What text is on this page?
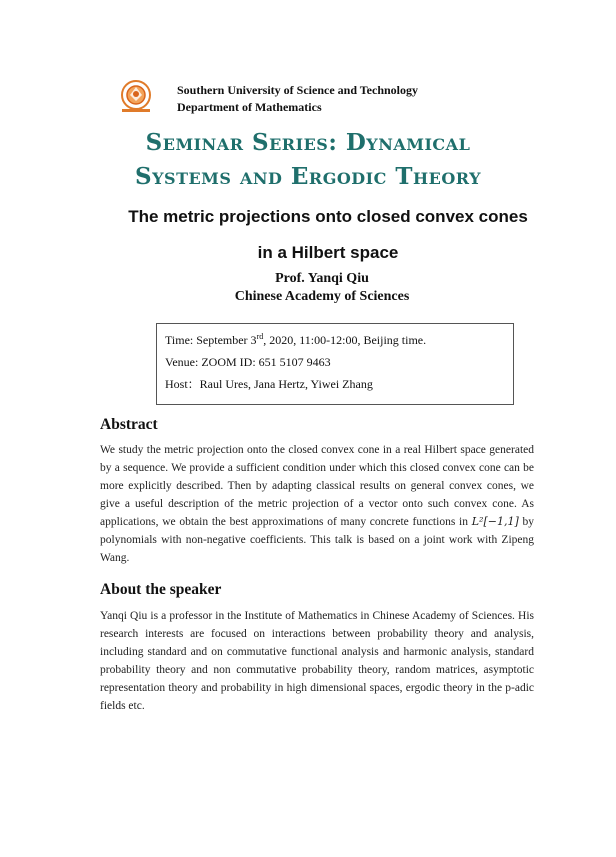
Southern University of Science and Technology
Department of Mathematics
Seminar Series: Dynamical
Systems and Ergodic Theory
The metric projections onto closed convex cones
in a Hilbert space
Prof. Yanqi Qiu
Chinese Academy of Sciences
Time: September 3rd, 2020, 11:00-12:00, Beijing time.
Venue: ZOOM ID: 651 5107 9463
Host：Raul Ures, Jana Hertz, Yiwei Zhang
Abstract
We study the metric projection onto the closed convex cone in a real Hilbert space generated by a sequence. We provide a sufficient condition under which this closed convex cone can be more explicitly described. Then by adapting classical results on general convex cones, we give a useful description of the metric projection of a vector onto such convex cone. As applications, we obtain the best approximations of many concrete functions in L²[−1,1] by polynomials with non-negative coefficients. This talk is based on a joint work with Zipeng Wang.
About the speaker
Yanqi Qiu is a professor in the Institute of Mathematics in Chinese Academy of Sciences. His research interests are focused on interactions between probability theory and analysis, including standard and on commutative functional analysis and harmonic analysis, standard probability theory and non commutative probability theory, random matrices, asymptotic representation theory and probability in high dimensional spaces, ergodic theory in the p-adic fields etc.
